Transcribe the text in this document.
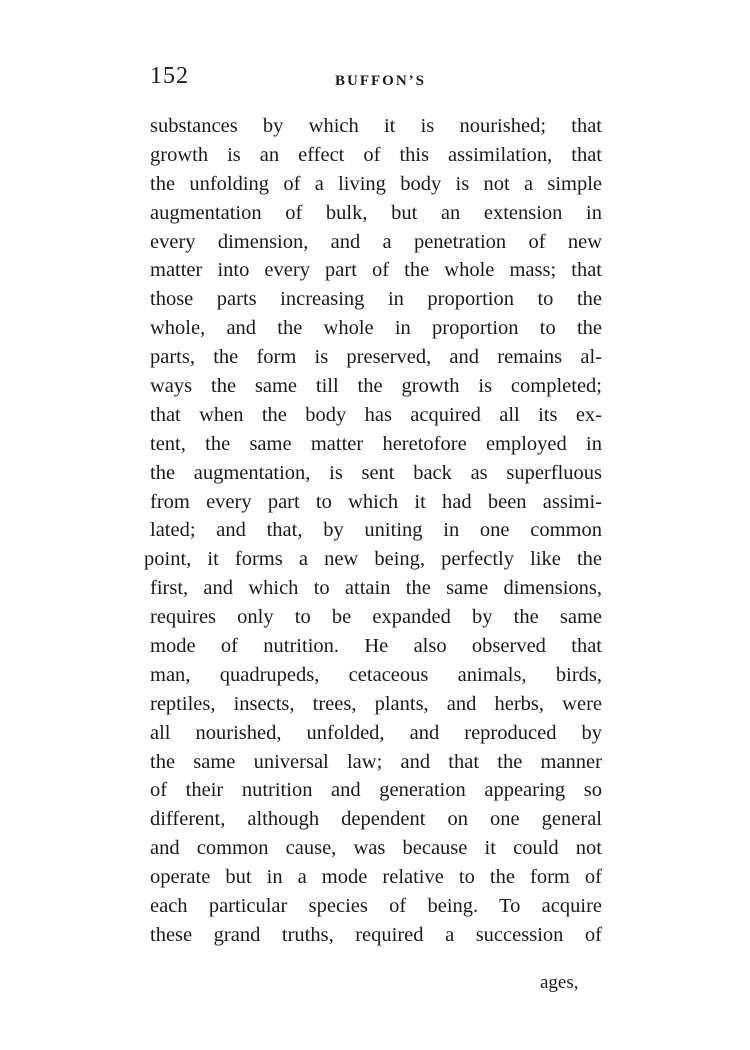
152	BUFFON’S
substances by which it is nourished; that
growth is an effect of this assimilation, that
the unfolding of a living body is not a simple
augmentation of bulk, but an extension in
every dimension, and a penetration of new
matter into every part of the whole mass; that
those parts increasing in proportion to the
whole, and the whole in proportion to the
parts, the form is preserved, and remains al-
ways the same till the growth is completed;
that when the body has acquired all its ex-
tent, the same matter heretofore employed in
the augmentation, is sent back as superfluous
from every part to which it had been assimi-
lated; and that, by uniting in one common
point, it forms a new being, perfectly like the
first, and which to attain the same dimensions,
requires only to be expanded by the same
mode of nutrition. He also observed that
man, quadrupeds, cetaceous animals, birds,
reptiles, insects, trees, plants, and herbs, were
all nourished, unfolded, and reproduced by
the same universal law; and that the manner
of their nutrition and generation appearing so
different, although dependent on one general
and common cause, was because it could not
operate but in a mode relative to the form of
each particular species of being. To acquire
these grand truths, required a succession of
ages,
